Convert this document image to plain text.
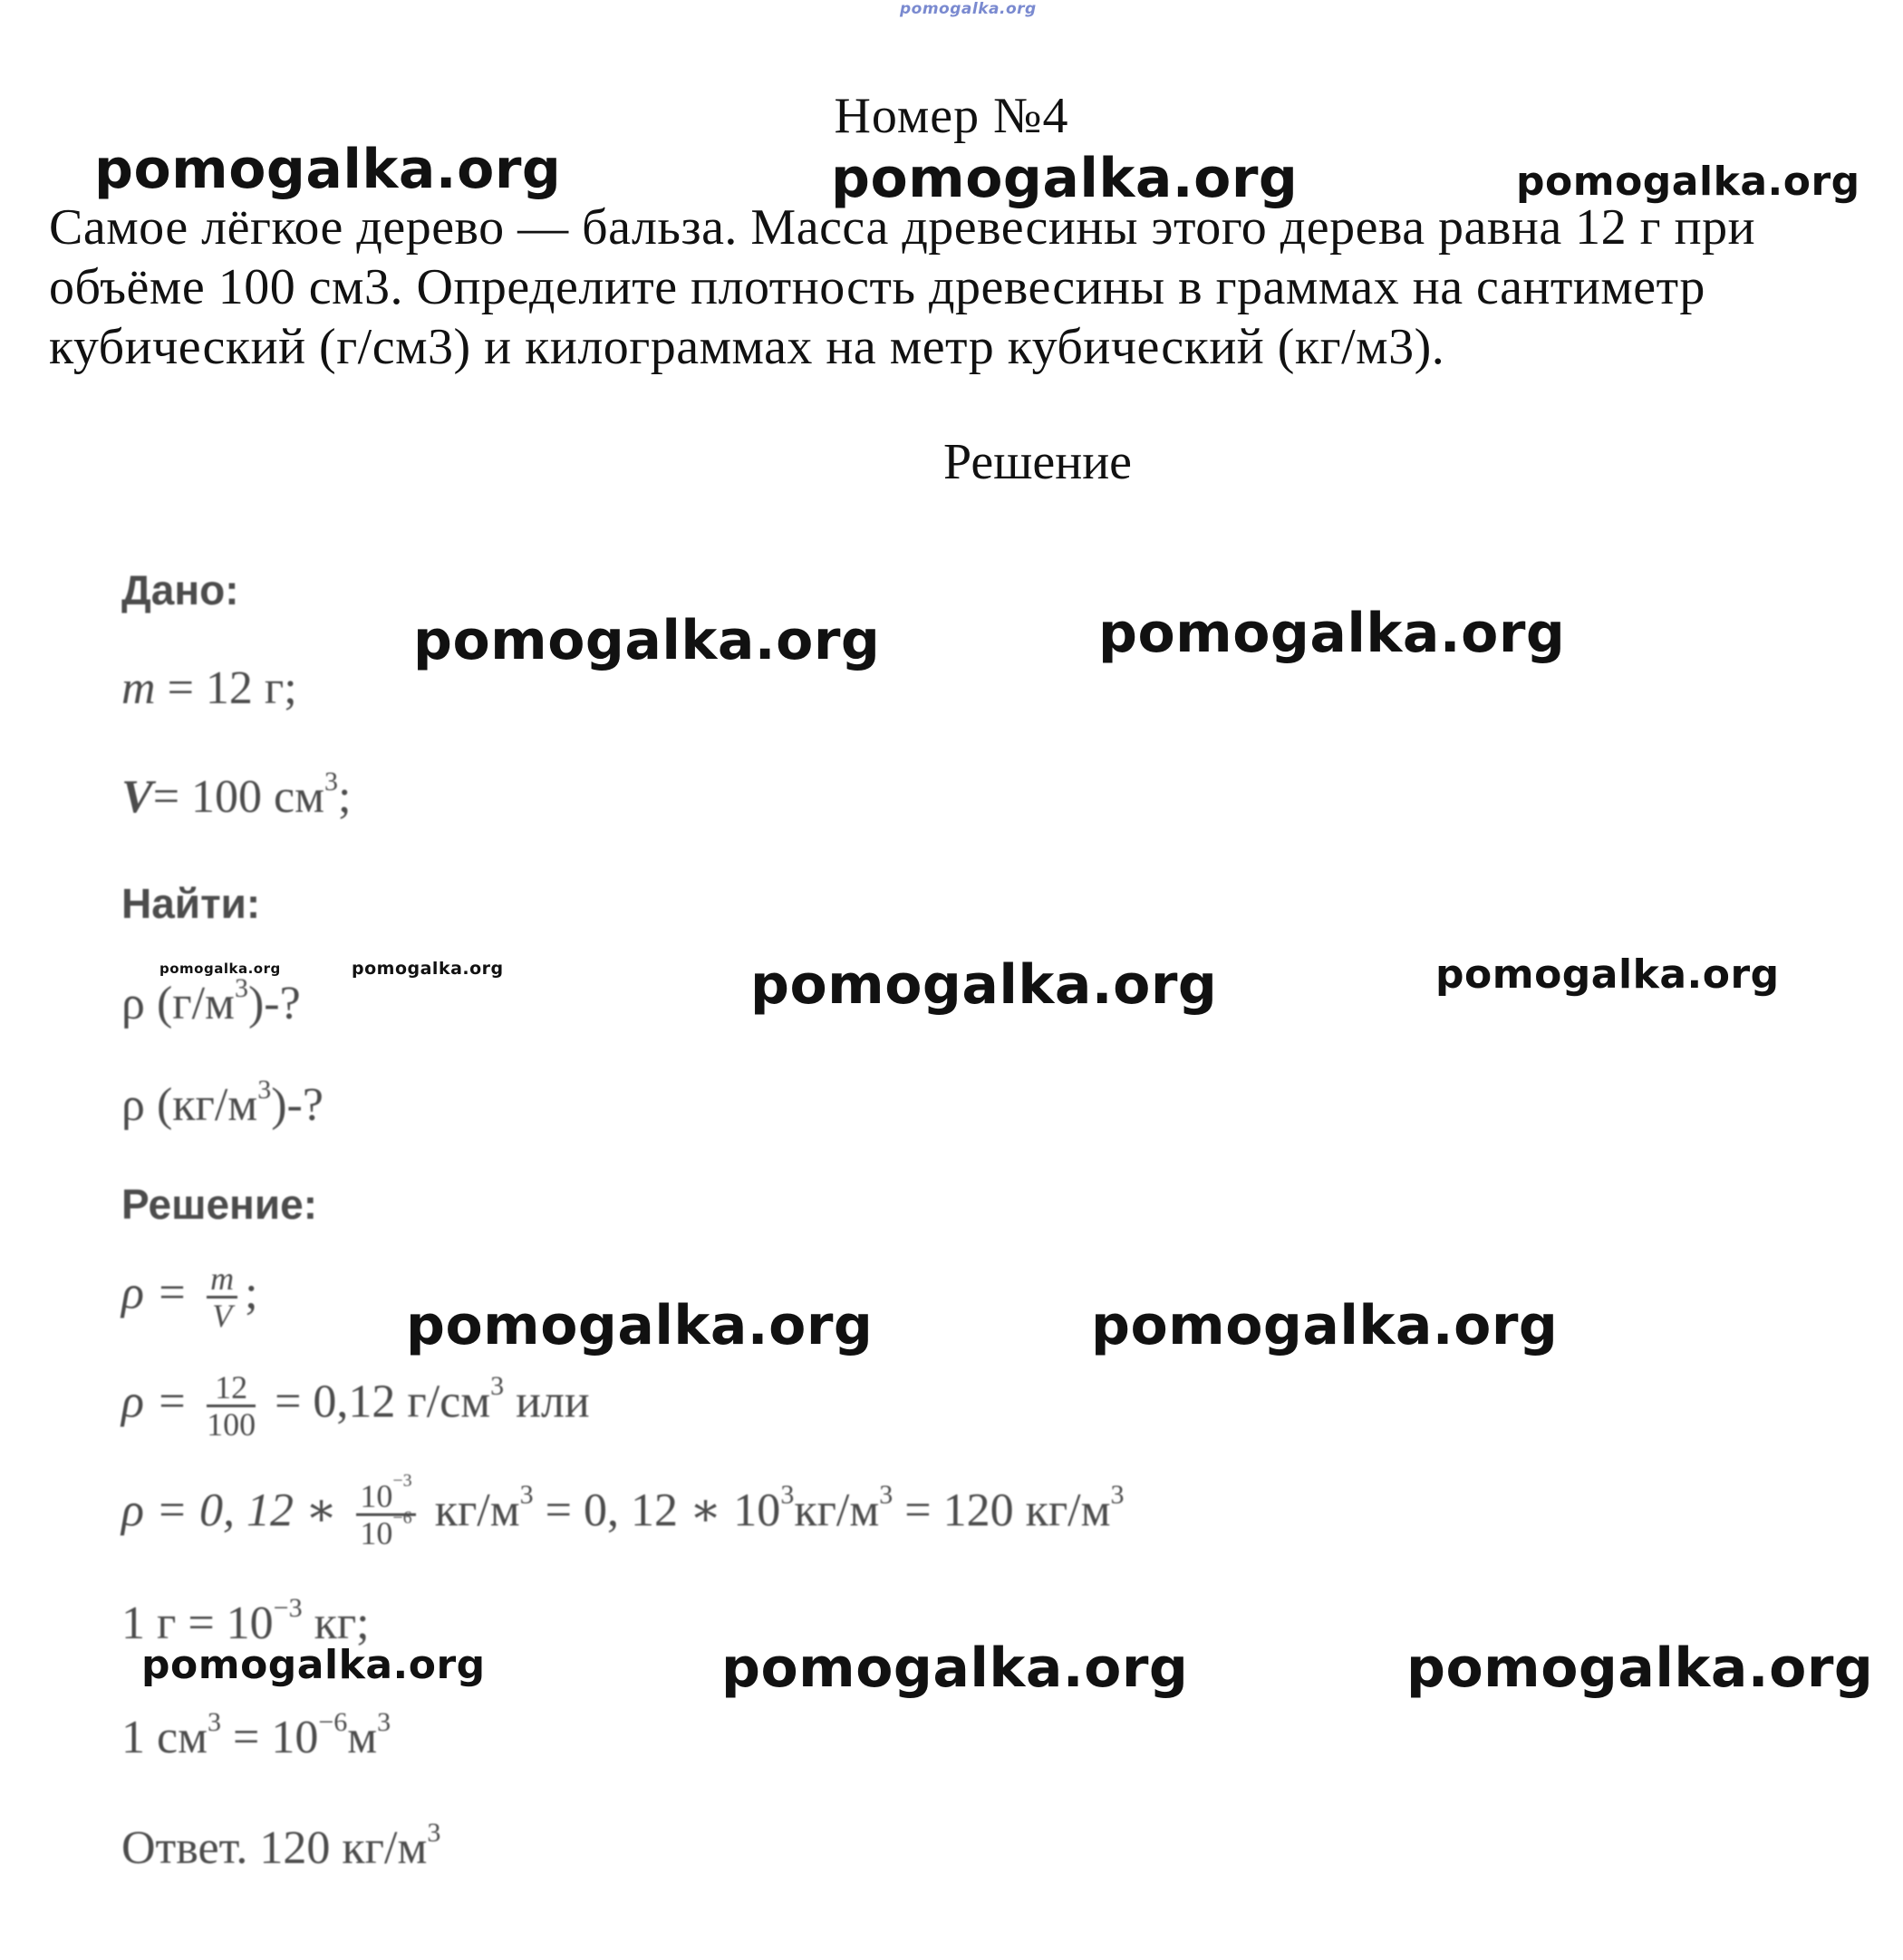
pomogalka.org
Номер №4
pomogalka.org	pomogalka.org	pomogalka.org
Самое лёгкое дерево — бальза. Масса древесины этого дерева равна 12 г при
объёме 100 см3. Определите плотность древесины в граммах на сантиметр
кубический (г/см3) и килограммах на метр кубический (кг/м3).
Решение
Дано:
m = 12 г;
V= 100 $см^3$;
Найти:
ρ $(г/м^3)-$?
ρ $(кг/м^3)-$?
Решение:
$\rho = \frac{m}{V}$ ;
$\rho = \frac{12}{100} = 0,12$ $г/см^3$ или
ρ = 0, 12 ∗ $\frac{10^{-3}}{10^{-6}} кг/м^3 = 0$, 12 ∗ $10^3кг/м^3 = 120$ $кг/м^3$
1 $г = 10^{-3}$ кг;
1 $см^3 = 10^{-6}м^3$
Ответ. 120 $кг/м^3$
pomogalka.org	pomogalka.org
pomogalka.org	pomogalka.org	pomogalka.org	pomogalka.org
pomogalka.org	pomogalka.org
pomogalka.org	pomogalka.org	pomogalka.org
